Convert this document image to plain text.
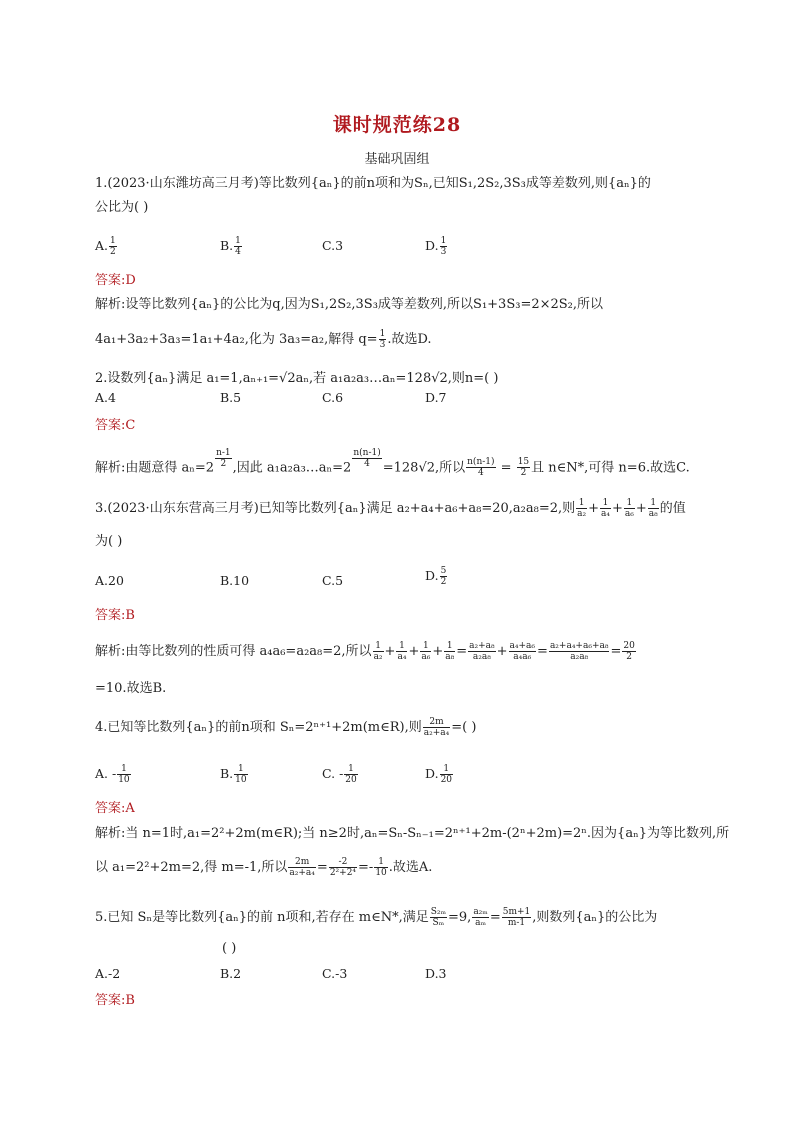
课时规范练28
基础巩固组
1.(2023·山东潍坊高三月考)等比数列{aₙ}的前n项和为Sₙ,已知S₁,2S₂,3S₃成等差数列,则{aₙ}的
公比为( )
A. $\frac{1}{2}$	B. $\frac{1}{4}$	C.3	D. $\frac{1}{3}$
答案:D
解析:设等比数列{aₙ}的公比为q,因为S₁,2S₂,3S₃成等差数列,所以S₁+3S₃=2×2S₂,所以
4a₁+3a₂+3a₃=1a₁+4a₂,化为 3a₃=a₂,解得 $q= \frac{1}{3}$ .故选D.
2.设数列{aₙ}满足 a₁=1,aₙ₊₁=√2aₙ,若 a₁a₂a₃…aₙ=128√2,则n=( )
A.4	B.5	C.6	D.7
答案:C
解析:由题意得 aₙ=2 $^{\frac{n-1}{2}}$ ,因此 a₁a₂a₃…aₙ=2 $^{\frac{n(n-1)}{4}}$ =128√2,所以 $\frac{n(n-1)}{4} = \frac{15}{2}$ 且 n∈N*,可得 n=6.故选C.
3.(2023·山东东营高三月考)已知等比数列{aₙ}满足 a₂+a₄+a₆+a₈=20,a₂a₈=2,则 $\frac{1}{\text{a₂}} + \frac{1}{\text{a₄}} + \frac{1}{\text{a₆}} + \frac{1}{\text{a₈}}$ 的值
为( )
A.20	B.10	C.5	D. $\frac{5}{2}$
答案:B
解析:由等比数列的性质可得 a₄a₆=a₂a₈=2,所以 $\frac{1}{\text{a₂}} + \frac{1}{\text{a₄}} + \frac{1}{\text{a₆}} + \frac{1}{\text{a₈}} = \frac{\text{a₂+a₈}}{\text{a₂a₈}} + \frac{\text{a₄+a₆}}{\text{a₄a₆}} = \frac{\text{a₂+a₄+a₆+a₈}}{\text{a₂a₈}} = \frac{20}{2}$
=10.故选B.
4.已知等比数列{aₙ}的前n项和 Sₙ=2ⁿ⁺¹+2m(m∈R),则 $\frac{2m}{\text{a₂+a₄}}$ =( )
A. - $\frac{1}{10}$	B. $\frac{1}{10}$	C. - $\frac{1}{20}$	D. $\frac{1}{20}$
答案:A
解析:当 n=1时,a₁=2²+2m(m∈R);当 n≥2时,aₙ=Sₙ-Sₙ₋₁=2ⁿ⁺¹+2m-(2ⁿ+2m)=2ⁿ.因为{aₙ}为等比数列,所
以 a₁=2²+2m=2,得 m=-1,所以 $\frac{2m}{\text{a₂+a₄}} = \frac{-2}{\text{2²+2⁴}} =- \frac{1}{10}$ .故选A.
5.已知 Sₙ是等比数列{aₙ}的前 n项和,若存在 m∈N*,满足 $\frac{\text{S₂ₘ}}{\text{Sₘ}} =9$, $\frac{\text{a₂ₘ}}{\text{aₘ}} = \frac{5m+1}{m-1}$ ,则数列{aₙ}的公比为
( )
A.-2	B.2	C.-3	D.3
答案:B
